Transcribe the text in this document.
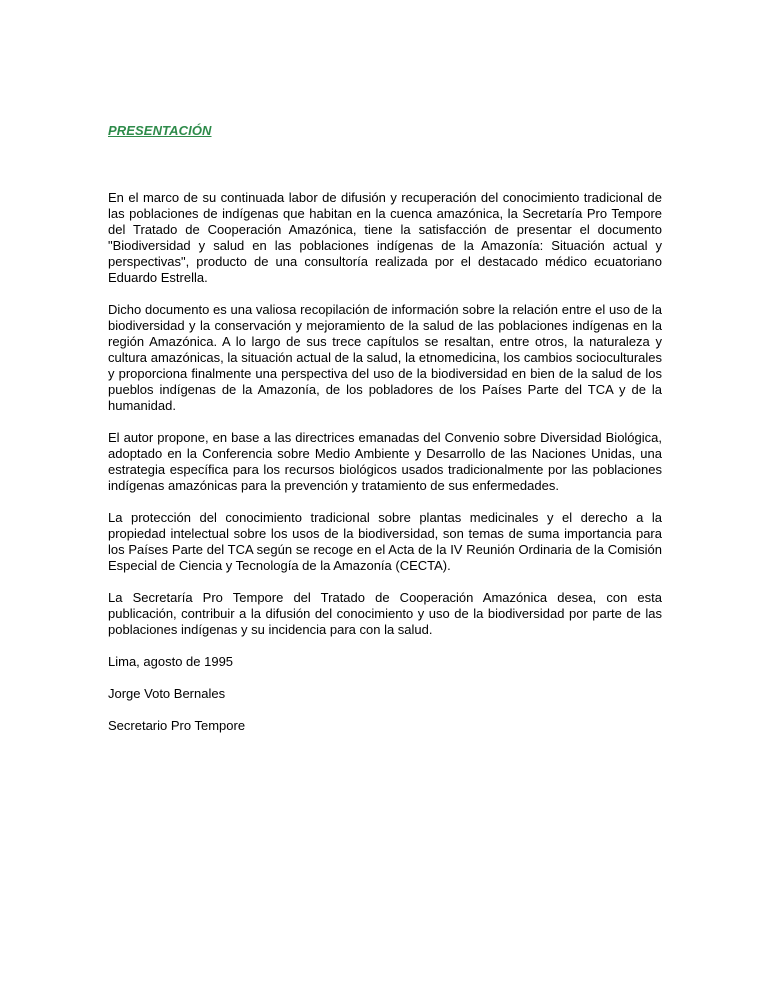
PRESENTACIÓN

En el marco de su continuada labor de difusión y recuperación del conocimiento tradicional de las poblaciones de indígenas que habitan en la cuenca amazónica, la Secretaría Pro Tempore del Tratado de Cooperación Amazónica, tiene la satisfacción de presentar el documento "Biodiversidad y salud en las poblaciones indígenas de la Amazonía: Situación actual y perspectivas", producto de una consultoría realizada por el destacado médico ecuatoriano Eduardo Estrella.

Dicho documento es una valiosa recopilación de información sobre la relación entre el uso de la biodiversidad y la conservación y mejoramiento de la salud de las poblaciones indígenas en la región Amazónica. A lo largo de sus trece capítulos se resaltan, entre otros, la naturaleza y cultura amazónicas, la situación actual de la salud, la etnomedicina, los cambios socioculturales y proporciona finalmente una perspectiva del uso de la biodiversidad en bien de la salud de los pueblos indígenas de la Amazonía, de los pobladores de los Países Parte del TCA y de la humanidad.

El autor propone, en base a las directrices emanadas del Convenio sobre Diversidad Biológica, adoptado en la Conferencia sobre Medio Ambiente y Desarrollo de las Naciones Unidas, una estrategia específica para los recursos biológicos usados tradicionalmente por las poblaciones indígenas amazónicas para la prevención y tratamiento de sus enfermedades.

La protección del conocimiento tradicional sobre plantas medicinales y el derecho a la propiedad intelectual sobre los usos de la biodiversidad, son temas de suma importancia para los Países Parte del TCA según se recoge en el Acta de la IV Reunión Ordinaria de la Comisión Especial de Ciencia y Tecnología de la Amazonía (CECTA).

La Secretaría Pro Tempore del Tratado de Cooperación Amazónica desea, con esta publicación, contribuir a la difusión del conocimiento y uso de la biodiversidad por parte de las poblaciones indígenas y su incidencia para con la salud.

Lima, agosto de 1995

Jorge Voto Bernales

Secretario Pro Tempore
